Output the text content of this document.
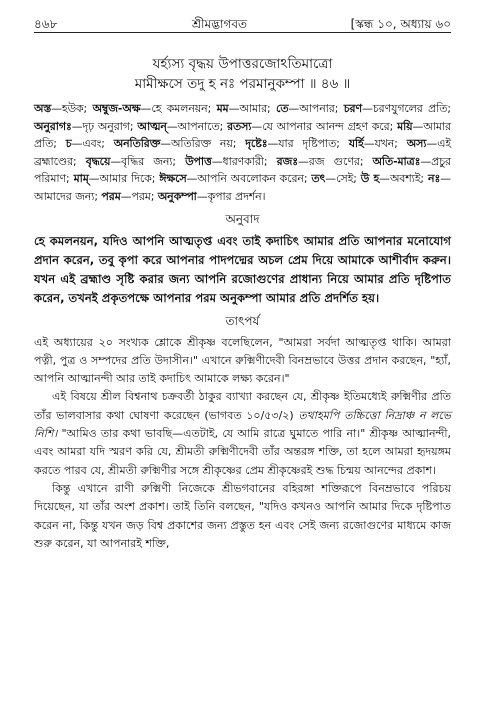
৪৬৮	শ্রীমদ্ভাগবত	[স্কন্ধ ১০, অধ্যায় ৬০
যর্হ্যস্য বৃদ্ধয় উপাত্তরজোঽতিমাত্রো
মামীক্ষসে তদু হ নঃ পরমানুকম্পা ॥ ৪৬ ॥
অস্ত—হউক; অম্বুজ-অক্ষ—হে কমলনয়ন; মম—আমার; তে—আপনার; চরণ—চরণযুগলের প্রতি; অনুরাগঃ—দৃঢ় অনুরাগ; আত্মন্—আপনাতে; রতস্য—যে আপনার আনন্দ গ্রহণ করে; ময়ি—আমার প্রতি; চ—এবং; অনতিরিক্ত—অতিরিক্ত নয়; দৃষ্টেঃ—যার দৃষ্টিপাত; যর্হি—যখন; অস্য—এই ব্রহ্মাণ্ডের; বৃদ্ধয়ে—বৃদ্ধির জন্য; উপাত্ত—ধারণকারী; রজঃ—রজ গুণের; অতি-মাত্রঃ—প্রচুর পরিমাণ; মাম্—আমার দিকে; ঈক্ষসে—আপনি অবলোকন করেন; তৎ—সেই; উ হ—অবশ্যই; নঃ—আমাদের জন্য; পরম—পরম; অনুকম্পা—কৃপার প্রদর্শন।
অনুবাদ
হে কমলনয়ন, যদিও আপনি আত্মতৃপ্ত এবং তাই কদাচিৎ আমার প্রতি আপনার মনোযোগ প্রদান করেন, তবু কৃপা করে আপনার পাদপদ্মের অচল প্রেম দিয়ে আমাকে আশীর্বাদ করুন। যখন এই ব্রহ্মাণ্ড সৃষ্টি করার জন্য আপনি রজোগুণের প্রাধান্য নিয়ে আমার প্রতি দৃষ্টিপাত করেন, তখনই প্রকৃতপক্ষে আপনার পরম অনুকম্পা আমার প্রতি প্রদর্শিত হয়।
তাৎপর্য

এই অধ্যায়ের ২০ সংখ্যক শ্লোকে শ্রীকৃষ্ণ বলেছিলেন, "আমরা সর্বদা আত্মতৃপ্ত থাকি। আমরা পত্নী, পুত্র ও সম্পদের প্রতি উদাসীন।" এখানে রুক্মিণীদেবী বিনম্রভাবে উত্তর প্রদান করছেন, "হ্যাঁ, আপনি আত্মানন্দী আর তাই কদাচিৎ আমাকে লক্ষ্য করেন।"

এই বিষয়ে শ্রীল বিশ্বনাথ চক্রবর্তী ঠাকুর ব্যাখ্যা করছেন যে, শ্রীকৃষ্ণ ইতিমধ্যেই রুক্মিণীর প্রতি তাঁর ভালবাসার কথা ঘোষণা করেছেন (ভাগবত ১০/৫৩/২) তথাহমপি তচ্চিত্তো নিদ্রাঞ্চ ন লভে নিশি। "আমিও তার কথা ভাবছি—এতটাই, যে আমি রাত্রে ঘুমাতে পারি না।" শ্রীকৃষ্ণ আত্মানন্দী, এবং আমরা যদি স্মরণ করি যে, শ্রীমতী রুক্মিণীদেবী তাঁর অন্তরঙ্গ শক্তি, তা হলে আমরা হৃদয়ঙ্গম করতে পারব যে, শ্রীমতী রুক্মিণীর সঙ্গে শ্রীকৃষ্ণের প্রেম শ্রীকৃষ্ণেরই শুদ্ধ চিন্ময় আনন্দের প্রকাশ।

কিন্তু এখানে রাণী রুক্মিণী নিজেকে শ্রীভগবানের বহিরঙ্গা শক্তিরূপে বিনম্রভাবে পরিচয় দিয়েছেন, যা তাঁর অংশ প্রকাশ। তাই তিনি বলছেন, "যদিও কখনও আপনি আমার দিকে দৃষ্টিপাত করেন না, কিন্তু যখন জড় বিশ্ব প্রকাশের জন্য প্রস্তুত হন এবং সেই জন্য রজোগুণের মাধ্যমে কাজ শুরু করেন, যা আপনারই শক্তি,
